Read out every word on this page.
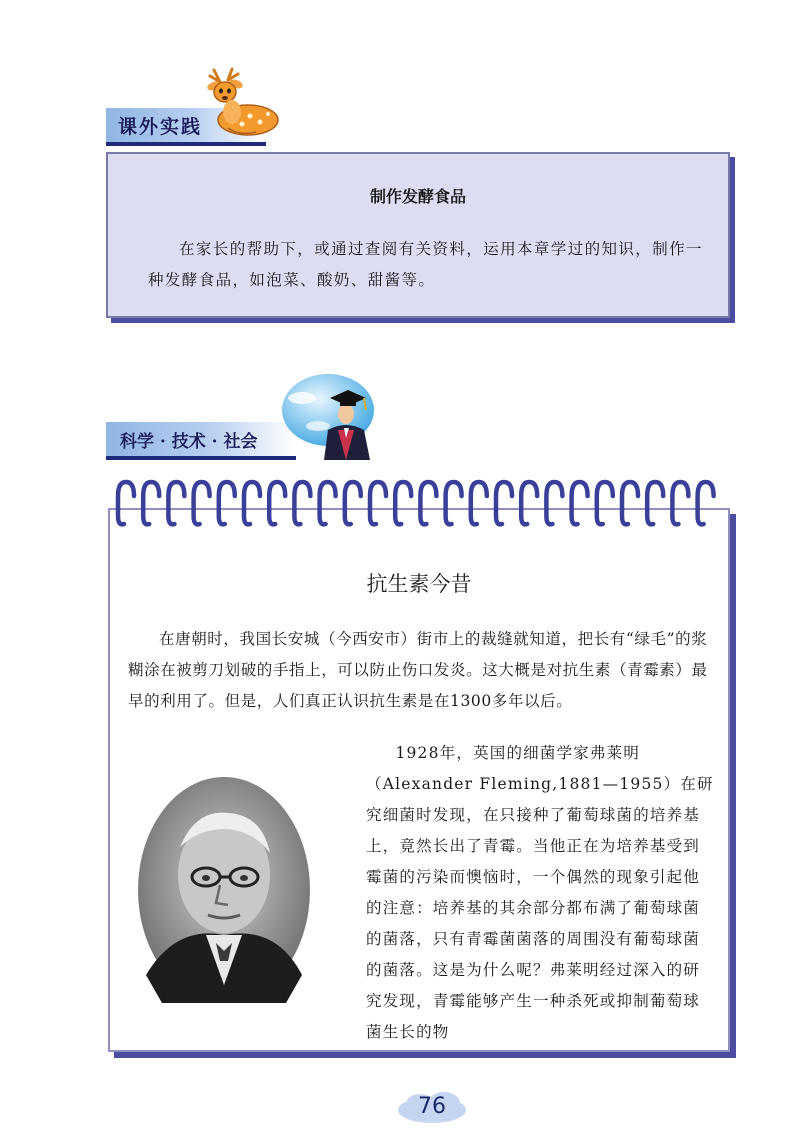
课外实践
制作发酵食品
在家长的帮助下，或通过查阅有关资料，运用本章学过的知识，制作一种发酵食品，如泡菜、酸奶、甜酱等。
科学 · 技术 · 社会
抗生素今昔
在唐朝时，我国长安城（今西安市）街市上的裁缝就知道，把长有“绿毛”的浆糊涂在被剪刀划破的手指上，可以防止伤口发炎。这大概是对抗生素（青霉素）最早的利用了。但是，人们真正认识抗生素是在1300多年以后。
1928年，英国的细菌学家弗莱明（Alexander Fleming,1881—1955）在研究细菌时发现，在只接种了葡萄球菌的培养基上，竟然长出了青霉。当他正在为培养基受到霉菌的污染而懊恼时，一个偶然的现象引起他的注意：培养基的其余部分都布满了葡萄球菌的菌落，只有青霉菌菌落的周围没有葡萄球菌的菌落。这是为什么呢？弗莱明经过深入的研究发现，青霉能够产生一种杀死或抑制葡萄球菌生长的物
76
